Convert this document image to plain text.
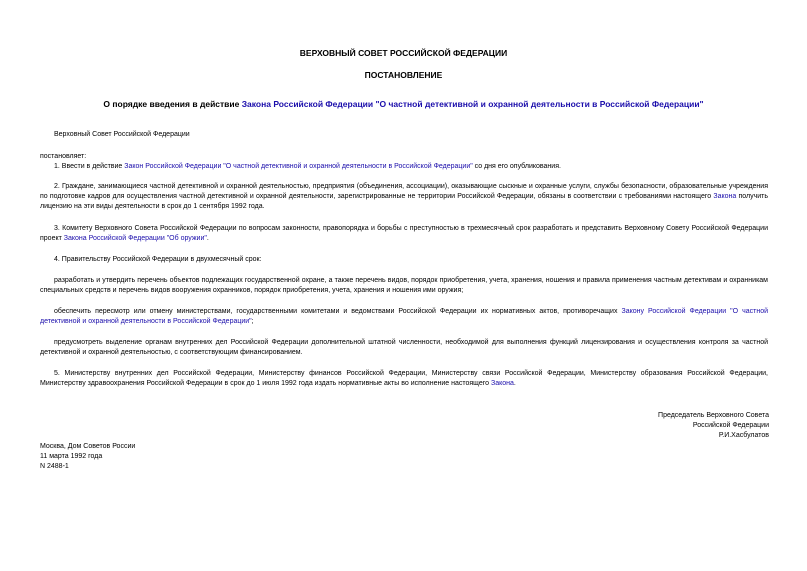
ВЕРХОВНЫЙ СОВЕТ РОССИЙСКОЙ ФЕДЕРАЦИИ
ПОСТАНОВЛЕНИЕ
О порядке введения в действие Закона Российской Федерации "О частной детективной и охранной деятельности в Российской Федерации"
Верховный Совет Российской Федерации
постановляет:
1. Ввести в действие Закон Российской Федерации "О частной детективной и охранной деятельности в Российской Федерации" со дня его опубликования.
2. Граждане, занимающиеся частной детективной и охранной деятельностью, предприятия (объединения, ассоциации), оказывающие сыскные и охранные услуги, службы безопасности, образовательные учреждения по подготовке кадров для осуществления частной детективной и охранной деятельности, зарегистрированные не территории Российской Федерации, обязаны в соответствии с требованиями настоящего Закона получить лицензию на эти виды деятельности в срок до 1 сентября 1992 года.
3. Комитету Верховного Совета Российской Федерации по вопросам законности, правопорядка и борьбы с преступностью в трехмесячный срок разработать и представить Верховному Совету Российской Федерации проект Закона Российской Федерации "Об оружии".
4. Правительству Российской Федерации в двухмесячный срок:
разработать и утвердить перечень объектов подлежащих государственной охране, а также перечень видов, порядок приобретения, учета, хранения, ношения и правила применения частным детективам и охранникам специальных средств и перечень видов вооружения охранников, порядок приобретения, учета, хранения и ношения ими оружия;
обеспечить пересмотр или отмену министерствами, государственными комитетами и ведомствами Российской Федерации их нормативных актов, противоречащих Закону Российской Федерации "О частной детективной и охранной деятельности в Российской Федерации";
предусмотреть выделение органам внутренних дел Российской Федерации дополнительной штатной численности, необходимой для выполнения функций лицензирования и осуществления контроля за частной детективной и охранной деятельностью, с соответствующим финансированием.
5. Министерству внутренних дел Российской Федерации, Министерству финансов Российской Федерации, Министерству связи Российской Федерации, Министерству образования Российской Федерации, Министерству здравоохранения Российской Федерации в срок до 1 июля 1992 года издать нормативные акты во исполнение настоящего Закона.
Председатель Верховного Совета
Российской Федерации
Р.И.Хасбулатов
Москва, Дом Советов России
11 марта 1992 года
N 2488-1
